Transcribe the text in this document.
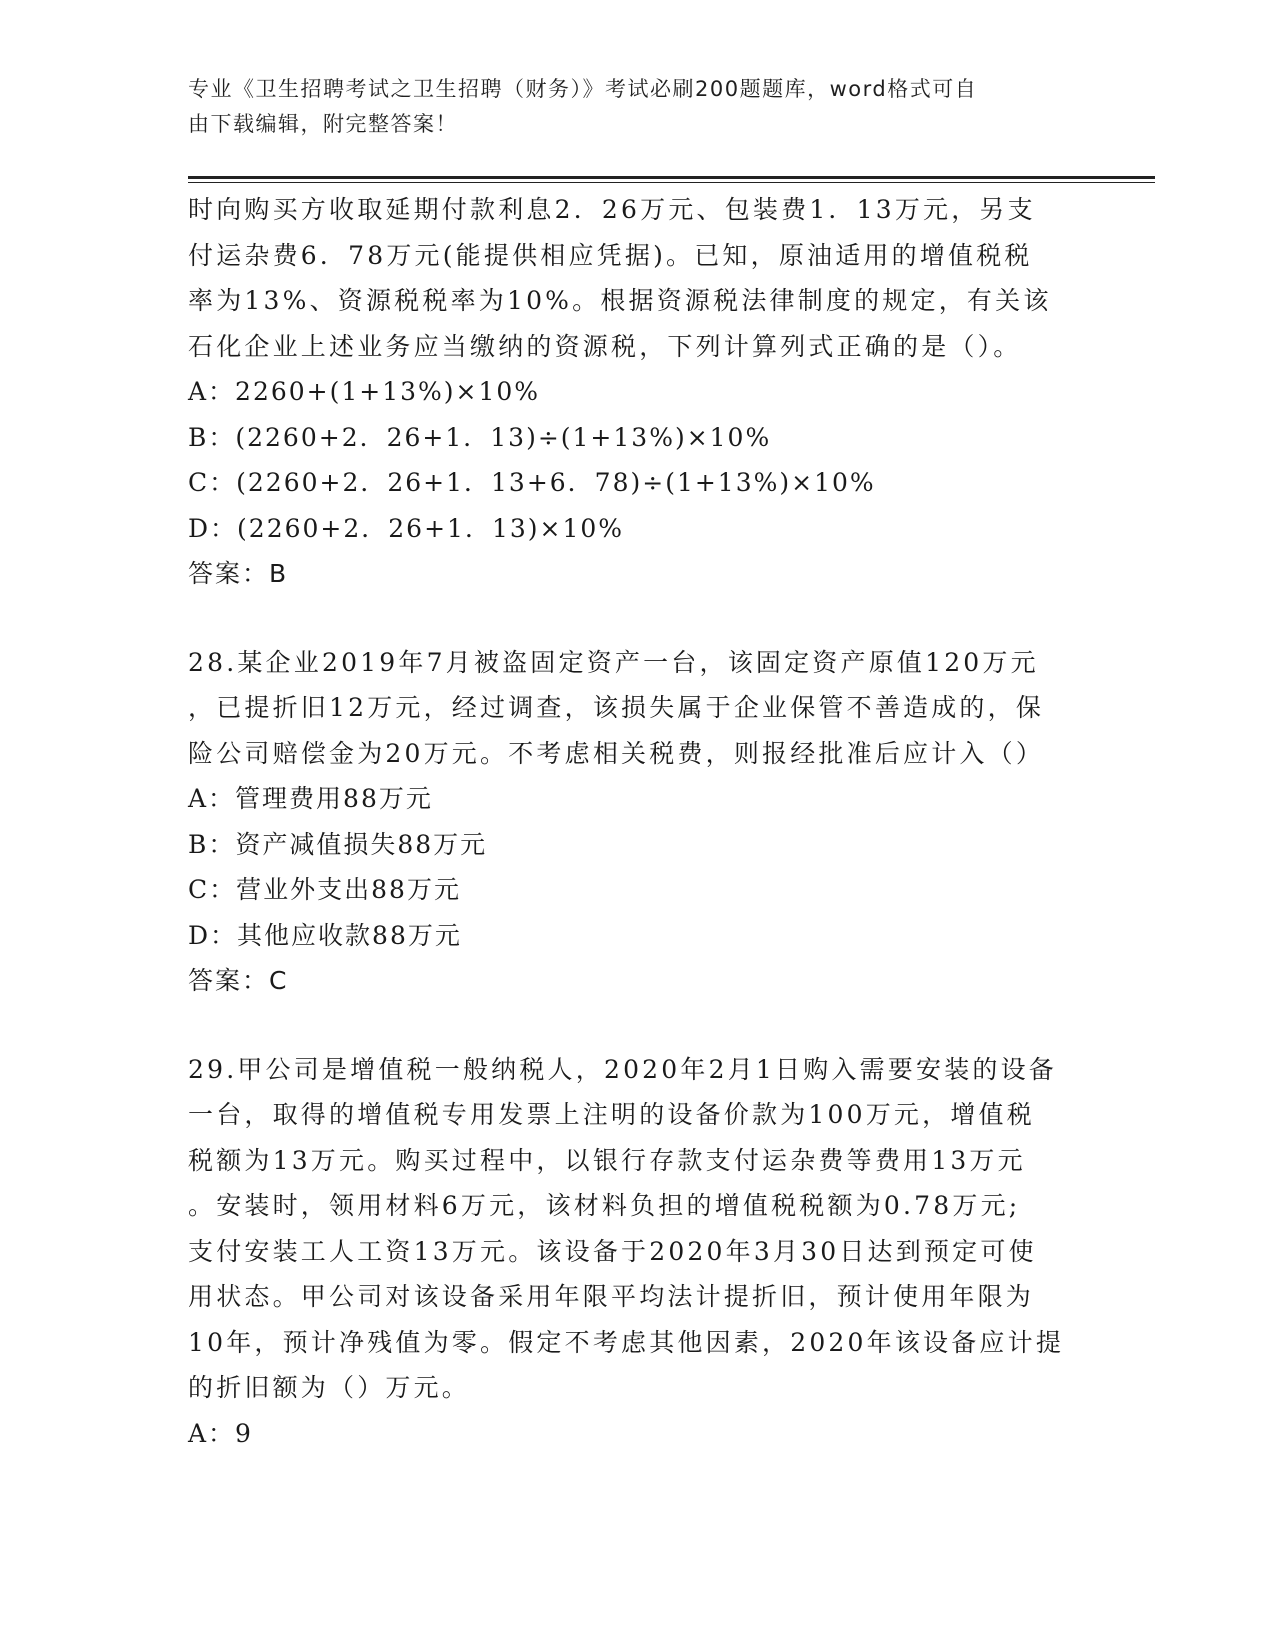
专业《卫生招聘考试之卫生招聘（财务）》考试必刷200题题库，word格式可自
由下载编辑，附完整答案！

时向购买方收取延期付款利息2．26万元、包装费1．13万元，另支

付运杂费6．78万元(能提供相应凭据)。已知，原油适用的增值税税

率为13%、资源税税率为10%。根据资源税法律制度的规定，有关该

石化企业上述业务应当缴纳的资源税，下列计算列式正确的是（）。

A：2260+(1+13%)×10%

B：(2260+2．26+1．13)÷(1+13%)×10%

C：(2260+2．26+1．13+6．78)÷(1+13%)×10%

D：(2260+2．26+1．13)×10%

答案：B

28.某企业2019年7月被盗固定资产一台，该固定资产原值120万元

，已提折旧12万元，经过调查，该损失属于企业保管不善造成的，保

险公司赔偿金为20万元。不考虑相关税费，则报经批准后应计入（）

A：管理费用88万元

B：资产减值损失88万元

C：营业外支出88万元

D：其他应收款88万元

答案：C

29.甲公司是增值税一般纳税人，2020年2月1日购入需要安装的设备

一台，取得的增值税专用发票上注明的设备价款为100万元，增值税

税额为13万元。购买过程中，以银行存款支付运杂费等费用13万元

。安装时，领用材料6万元，该材料负担的增值税税额为0.78万元;

支付安装工人工资13万元。该设备于2020年3月30日达到预定可使

用状态。甲公司对该设备采用年限平均法计提折旧，预计使用年限为

10年，预计净残值为零。假定不考虑其他因素，2020年该设备应计提

的折旧额为（）万元。

A：9
